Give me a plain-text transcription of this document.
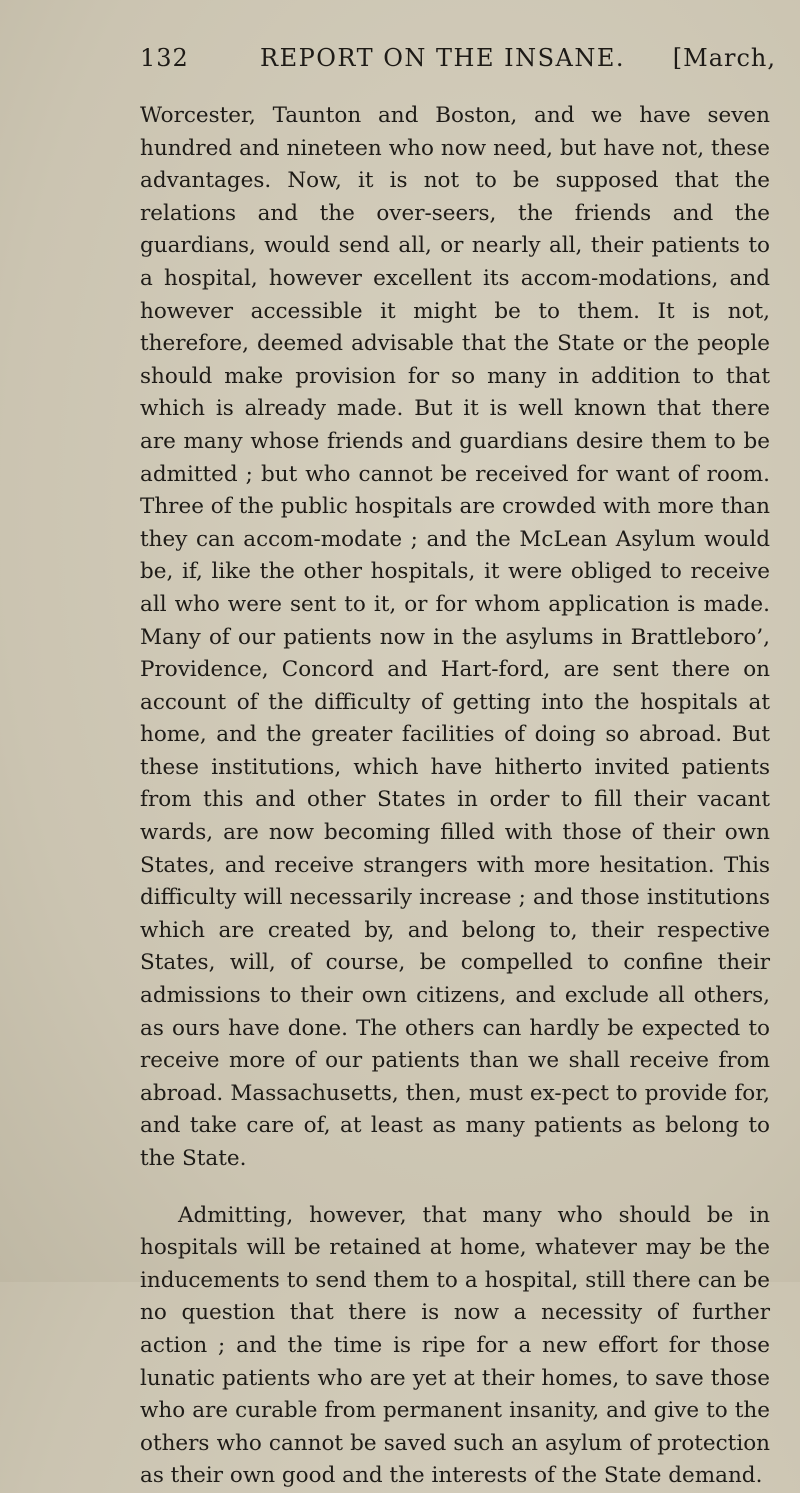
132	REPORT ON THE INSANE. [March,

Worcester, Taunton and Boston, and we have seven hundred and nineteen who now need, but have not, these advantages. Now, it is not to be supposed that the relations and the over-seers, the friends and the guardians, would send all, or nearly all, their patients to a hospital, however excellent its accom-modations, and however accessible it might be to them. It is not, therefore, deemed advisable that the State or the people should make provision for so many in addition to that which is already made. But it is well known that there are many whose friends and guardians desire them to be admitted ; but who cannot be received for want of room. Three of the public hospitals are crowded with more than they can accom-modate ; and the McLean Asylum would be, if, like the other hospitals, it were obliged to receive all who were sent to it, or for whom application is made. Many of our patients now in the asylums in Brattleboro’, Providence, Concord and Hart-ford, are sent there on account of the difficulty of getting into the hospitals at home, and the greater facilities of doing so abroad. But these institutions, which have hitherto invited patients from this and other States in order to fill their vacant wards, are now becoming filled with those of their own States, and receive strangers with more hesitation. This difficulty will necessarily increase ; and those institutions which are created by, and belong to, their respective States, will, of course, be compelled to confine their admissions to their own citizens, and exclude all others, as ours have done. The others can hardly be expected to receive more of our patients than we shall receive from abroad. Massachusetts, then, must ex-pect to provide for, and take care of, at least as many patients as belong to the State.

Admitting, however, that many who should be in hospitals will be retained at home, whatever may be the inducements to send them to a hospital, still there can be no question that there is now a necessity of further action ; and the time is ripe for a new effort for those lunatic patients who are yet at their homes, to save those who are curable from permanent insanity, and give to the others who cannot be saved such an asylum of protection as their own good and the interests of the State demand.
